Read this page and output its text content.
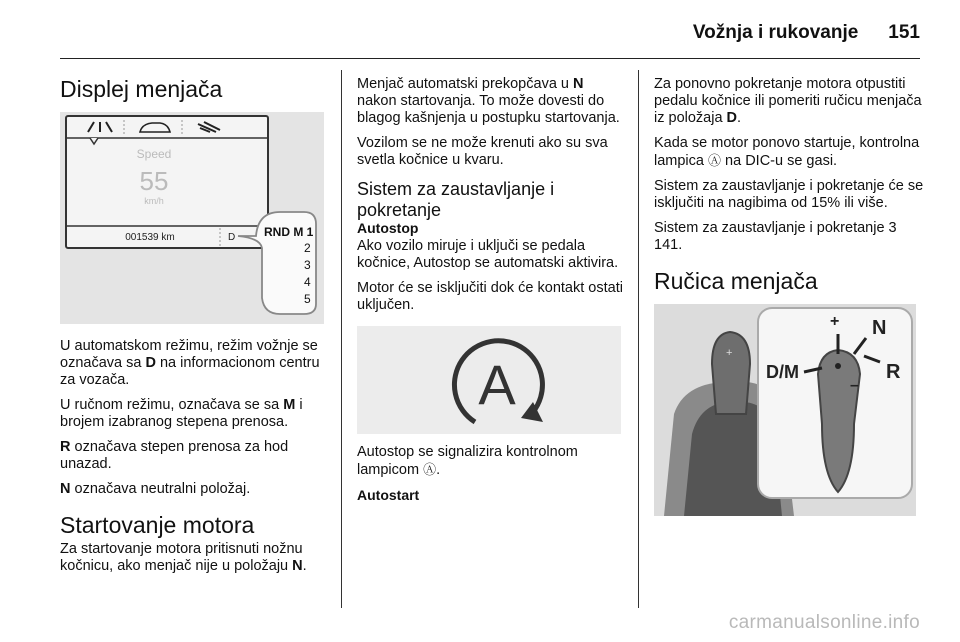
Vožnja i rukovanje 151
Displej menjača
Speed
55
km/h
001539 km	D RND M 1
2
3
4
5

U automatskom režimu, režim vožnje se označava sa D na informacionom centru za vozača.

U ručnom režimu, označava se sa M i brojem izabranog stepena prenosa.

R označava stepen prenosa za hod unazad.

N označava neutralni položaj.

Startovanje motora

Za startovanje motora pritisnuti nožnu kočnicu, ako menjač nije u položaju N.

Menjač automatski prekopčava u N nakon startovanja. To može dovesti do blagog kašnjenja u postupku startovanja.

Vozilom se ne može krenuti ako su sva svetla kočnice u kvaru.

Sistem za zaustavljanje i pokretanje
Autostop

Ako vozilo miruje i uključi se pedala kočnice, Autostop se automatski aktivira.

Motor će se isključiti dok će kontakt ostati uključen.

A

Autostop se signalizira kontrolnom lampicom Ⓐ.

Autostart

Za ponovno pokretanje motora otpustiti pedalu kočnice ili pomeriti ručicu menjača iz položaja D.

Kada se motor ponovo startuje, kontrolna lampica Ⓐ na DIC-u se gasi.

Sistem za zaustavljanje i pokretanje će se isključiti na nagibima od 15% ili više.

Sistem za zaustavljanje i pokretanje 3 141.

Ručica menjača
+
+
D/M
N
R
–
carmanualsonline.info
